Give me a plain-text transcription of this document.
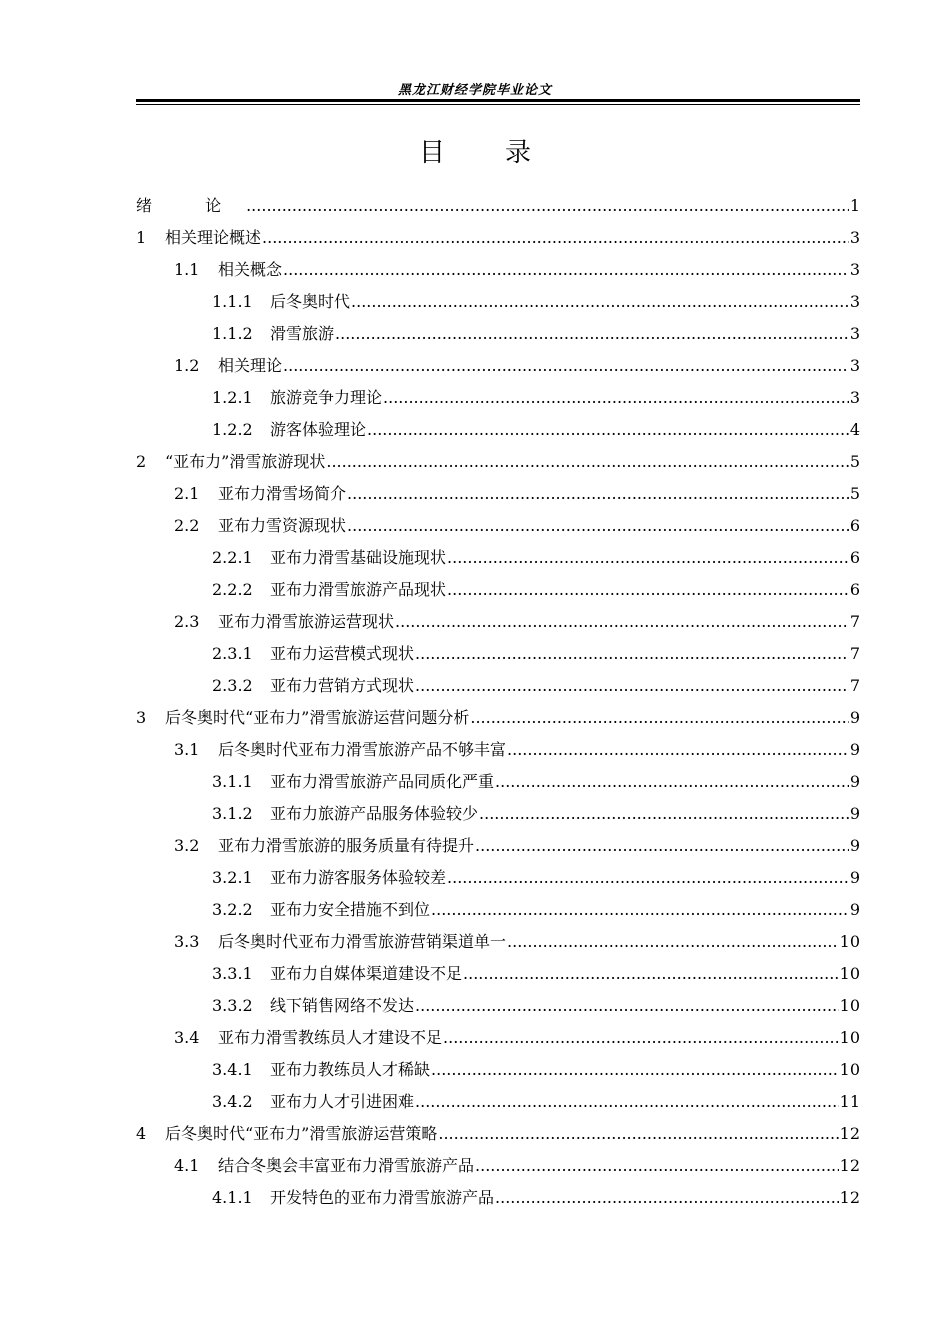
黑龙江财经学院毕业论文
目 录
绪 论 .....	1
1	相关理论概述 .....	3
1.1	相关概念 .....	3
1.1.1	后冬奥时代 .....	3
1.1.2	滑雪旅游 .....	3
1.2	相关理论 .....	3
1.2.1	旅游竞争力理论 .....	3
1.2.2	游客体验理论 .....	4
2	“亚布力”滑雪旅游现状 .....	5
2.1	亚布力滑雪场简介 .....	5
2.2	亚布力雪资源现状 .....	6
2.2.1	亚布力滑雪基础设施现状 .....	6
2.2.2	亚布力滑雪旅游产品现状 .....	6
2.3	亚布力滑雪旅游运营现状 .....	7
2.3.1	亚布力运营模式现状 .....	7
2.3.2	亚布力营销方式现状 .....	7
3	后冬奥时代“亚布力”滑雪旅游运营问题分析 .....	9
3.1	后冬奥时代亚布力滑雪旅游产品不够丰富 .....	9
3.1.1	亚布力滑雪旅游产品同质化严重 .....	9
3.1.2	亚布力旅游产品服务体验较少 .....	9
3.2	亚布力滑雪旅游的服务质量有待提升 .....	9
3.2.1	亚布力游客服务体验较差 .....	9
3.2.2	亚布力安全措施不到位 .....	9
3.3	后冬奥时代亚布力滑雪旅游营销渠道单一 .....	10
3.3.1	亚布力自媒体渠道建设不足 .....	10
3.3.2	线下销售网络不发达 .....	10
3.4	亚布力滑雪教练员人才建设不足 .....	10
3.4.1	亚布力教练员人才稀缺 .....	10
3.4.2	亚布力人才引进困难 .....	11
4	后冬奥时代“亚布力”滑雪旅游运营策略 .....	12
4.1	结合冬奥会丰富亚布力滑雪旅游产品 .....	12
4.1.1	开发特色的亚布力滑雪旅游产品 .....	12
